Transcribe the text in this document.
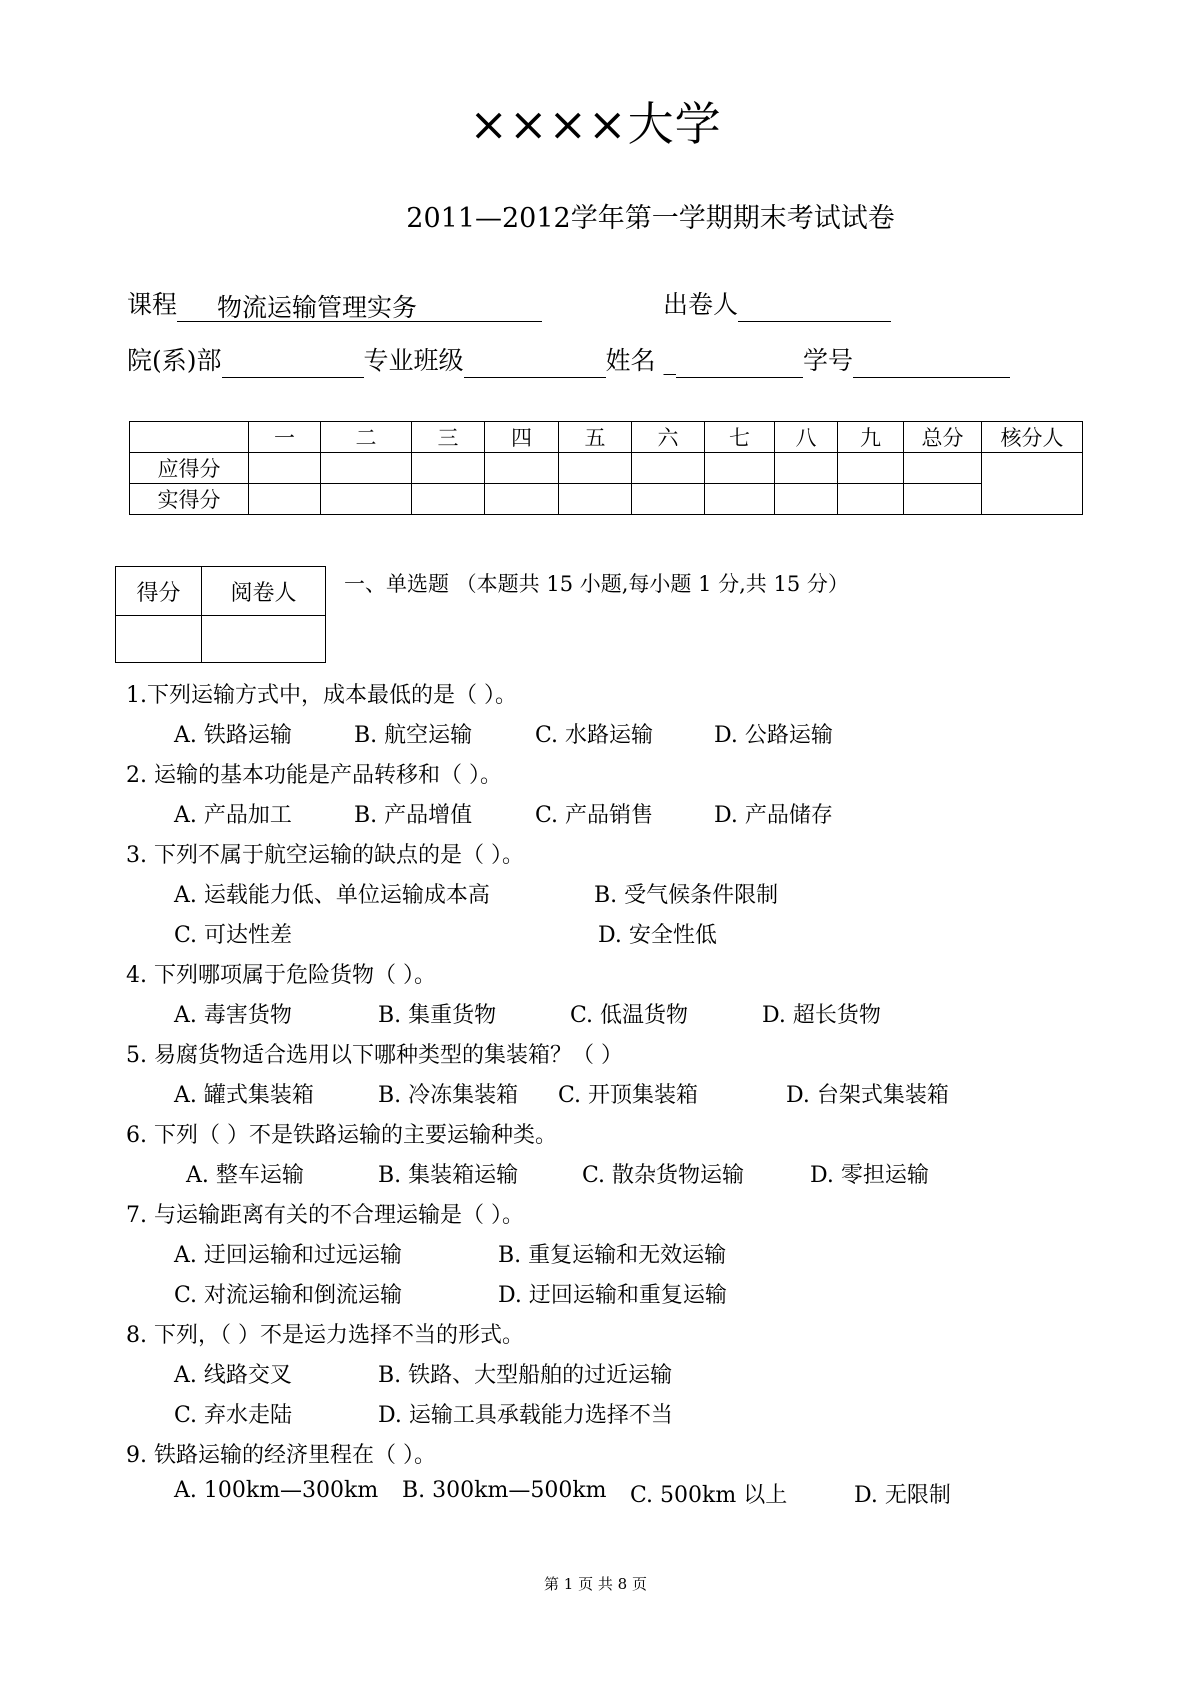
××××大学
2011—2012学年第一学期期末考试试卷
课程 物流运输管理实务	出卷人
院(系)部	专业班级	姓名 _	学号
	一	二	三	四	五	六	七	八	九	总分	核分人
应得分											
实得分											
得分	阅卷人
	一、单选题 （本题共 15 小题,每小题 1 分,共 15 分）
1.下列运输方式中，成本最低的是（ ）。
A. 铁路运输	B. 航空运输	C. 水路运输	D. 公路运输
2. 运输的基本功能是产品转移和（ ）。
A. 产品加工	B. 产品增值	C. 产品销售	D. 产品储存
3. 下列不属于航空运输的缺点的是（ ）。
A. 运载能力低、单位运输成本高	B. 受气候条件限制
C. 可达性差	D. 安全性低
4. 下列哪项属于危险货物（ ）。
A. 毒害货物	B. 集重货物	C. 低温货物	D. 超长货物
5. 易腐货物适合选用以下哪种类型的集装箱？（ ）
A. 罐式集装箱	B. 冷冻集装箱 C. 开顶集装箱	D. 台架式集装箱
6. 下列（ ）不是铁路运输的主要运输种类。
A. 整车运输	B. 集装箱运输	C. 散杂货物运输	D. 零担运输
7. 与运输距离有关的不合理运输是（ ）。
A. 迂回运输和过远运输	B. 重复运输和无效运输
C. 对流运输和倒流运输	D. 迂回运输和重复运输
8. 下列，（ ）不是运力选择不当的形式。
A. 线路交叉	B. 铁路、大型船舶的过近运输
C. 弃水走陆	D. 运输工具承载能力选择不当
9. 铁路运输的经济里程在（ ）。
A. 100km—300km B. 300km—500km C. 500km 以上	D. 无限制
第 1 页 共 8 页
